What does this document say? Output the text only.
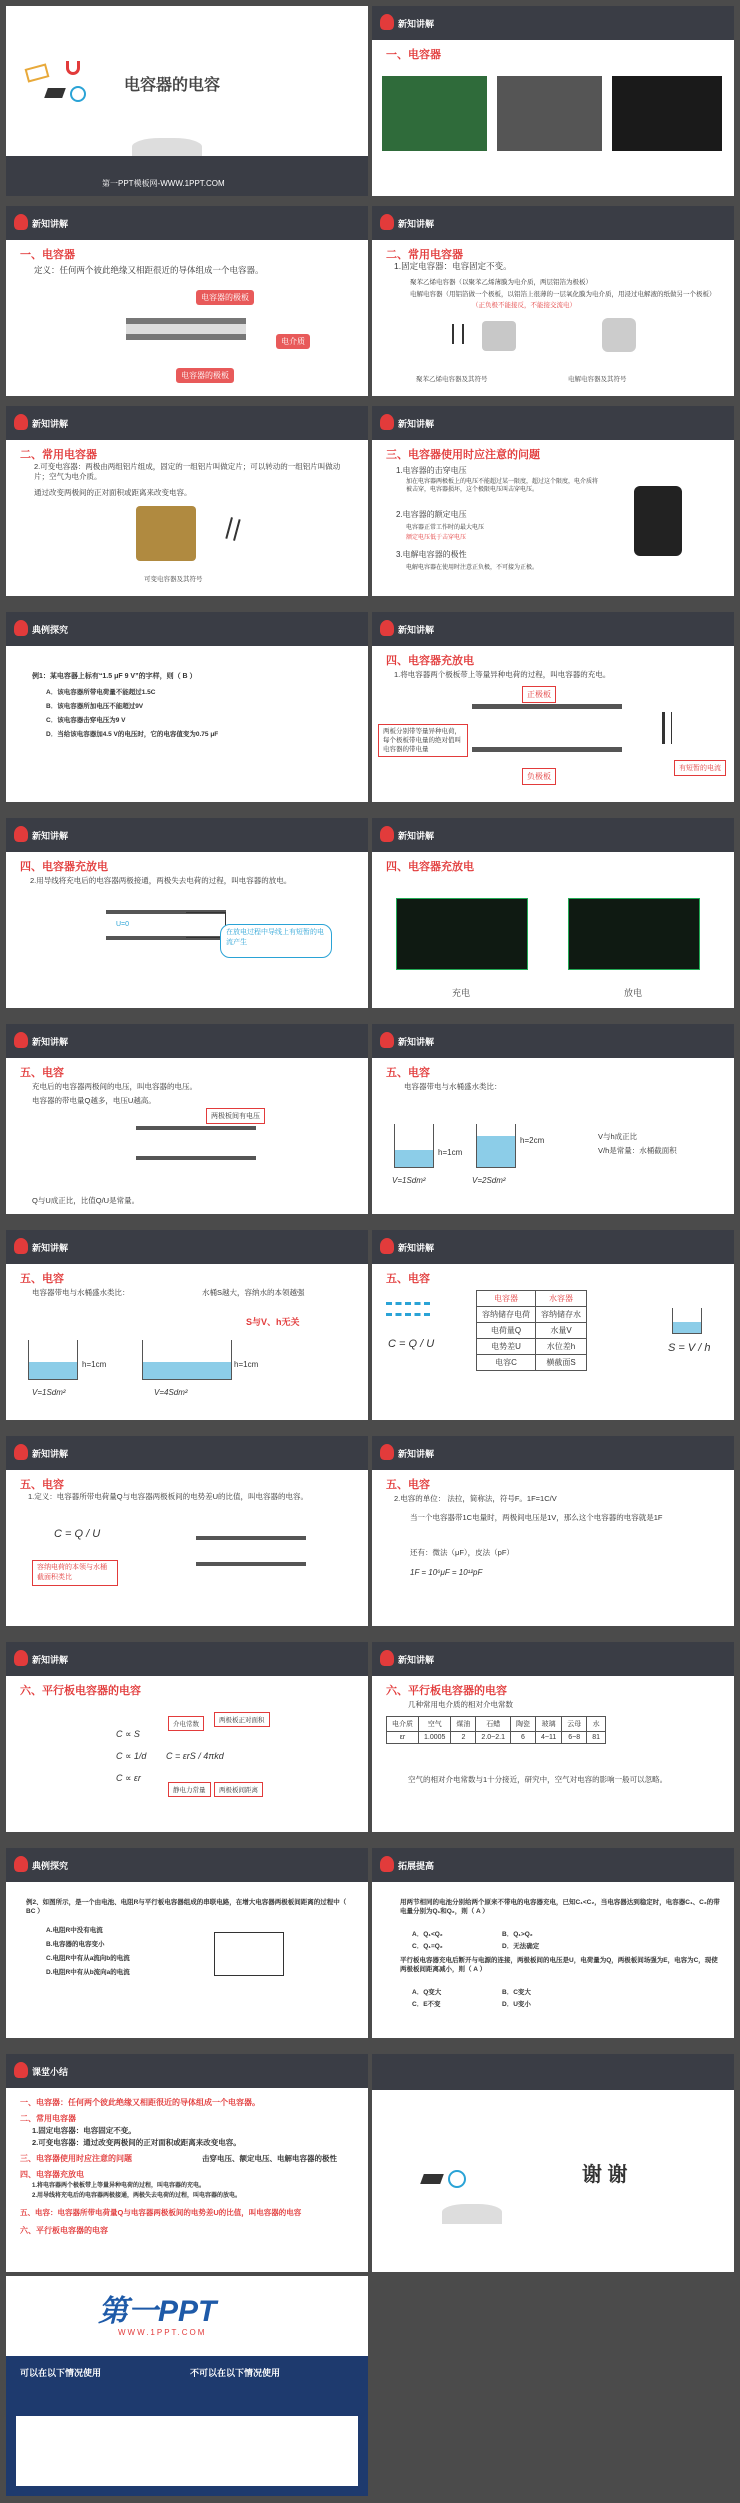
电容器的电容
第一PPT模板网-WWW.1PPT.COM
新知讲解
一、电容器
新知讲解
一、电容器
定义：任何两个彼此绝缘又相距很近的导体组成一个电容器。
电容器的极板
电介质
电容器的极板
新知讲解
二、常用电容器
1.固定电容器：电容固定不变。
聚苯乙烯电容器（以聚苯乙烯薄膜为电介质，两层铝箔为极板）
电解电容器（用铝箔做一个极板，以铝箔上很薄的一层氧化膜为电介质，用浸过电解液的纸做另一个极板）
（正负极不能接反，不能接交流电）
聚苯乙烯电容器及其符号	电解电容器及其符号
新知讲解
二、常用电容器
2.可变电容器：两极由两组铝片组成，固定的一组铝片叫做定片；可以转动的一组铝片叫做动片；空气为电介质。
通过改变两极间的正对面积或距离来改变电容。
可变电容器及其符号
新知讲解
三、电容器使用时应注意的问题
1.电容器的击穿电压
加在电容器两极板上的电压不能超过某一限度，超过这个限度，电介质将被击穿，电容器损坏，这个极限电压叫击穿电压。
2.电容器的额定电压
电容器正常工作时的最大电压
额定电压低于击穿电压
3.电解电容器的极性
电解电容器在使用时注意正负极，不可接为正极。
典例探究
例1：某电容器上标有“1.5 μF 9 V”的字样，则（ B ）
A．该电容器所带电荷量不能超过1.5C
B．该电容器所加电压不能超过9V
C．该电容器击穿电压为9 V
D．当给该电容器加4.5 V的电压时，它的电容值变为0.75 μF
新知讲解
四、电容器充放电
1.将电容器两个极板带上等量异种电荷的过程，叫电容器的充电。
正极板
负极板
有短暂的电流
两板分别带等量异种电荷，每个极板带电量的绝对值叫电容器的带电量
新知讲解
四、电容器充放电
2.用导线将充电后的电容器两极接通，两极失去电荷的过程，叫电容器的放电。
U=0
在放电过程中导线上有短暂的电流产生
新知讲解
四、电容器充放电
充电	放电
新知讲解
五、电容
充电后的电容器两极间的电压，叫电容器的电压。
电容器的带电量Q越多，电压U越高。
两极板间有电压
Q与U成正比，比值Q/U是常量。
新知讲解
五、电容
电容器带电与水桶盛水类比：
h=1cm
h=2cm
V=1Sdm²	V=2Sdm²
V与h成正比
V/h是常量：水桶截面积
新知讲解
五、电容
电容器带电与水桶盛水类比：	水桶S越大，容纳水的本领越强
S与V、h无关
h=1cm	h=1cm
V=1Sdm²	V=4Sdm²
新知讲解
五、电容
C = Q / U
电容器	水容器
容纳储存电荷	容纳储存水
电荷量Q	水量V
电势差U	水位差h
电容C	横截面S
S = V / h
新知讲解
五、电容
1.定义：电容器所带电荷量Q与电容器两极板间的电势差U的比值，叫电容器的电容。
C = Q / U
容纳电荷的本领与水桶截面积类比
新知讲解
五、电容
2.电容的单位： 法拉，简称法，符号F。1F=1C/V
当一个电容器带1C电量时，两极间电压是1V，那么这个电容器的电容就是1F
还有：微法（μF），皮法（pF）
1F = 10⁶μF = 10¹²pF
新知讲解
六、平行板电容器的电容
C ∝ S
C ∝ 1/d
C ∝ εr
C = εrS / 4πkd
介电常数
两极板正对面积
静电力常量	两极板间距离
新知讲解
六、平行板电容器的电容
几种常用电介质的相对介电常数
电介质	空气	煤油	石蜡	陶瓷	玻璃	云母	水
εr	1.0005	2	2.0~2.1	6	4~11	6~8	81
空气的相对介电常数与1十分接近，研究中，空气对电容的影响一般可以忽略。
典例探究
例2、如图所示，是一个由电池、电阻R与平行板电容器组成的串联电路，在增大电容器两极板间距离的过程中（ BC ）
A.电阻R中没有电流
B.电容器的电容变小
C.电阻R中有从a流向b的电流
D.电阻R中有从b流向a的电流
拓展提高
用两节相同的电池分别给两个原来不带电的电容器充电，已知C₁<C₂，当电容器达到稳定时，电容器C₁、C₂的带电量分别为Q₁和Q₂，则（ A ）
A．Q₁<Q₂	B．Q₁>Q₂
C．Q₁=Q₂	D．无法确定
平行板电容器充电后断开与电源的连接，两极板间的电压是U，电荷量为Q，两极板间场强为E，电容为C，现使两极板间距离减小，则（ A ）
A．Q变大	B．C变大
C．E不变	D．U变小
课堂小结
一、电容器：任何两个彼此绝缘又相距很近的导体组成一个电容器。
二、常用电容器
1.固定电容器：电容固定不变。
2.可变电容器：通过改变两极间的正对面积或距离来改变电容。
三、电容器使用时应注意的问题	击穿电压、额定电压、电解电容器的极性
四、电容器充放电
1.将电容器两个极板带上等量异种电荷的过程，叫电容器的充电。
2.用导线将充电后的电容器两极接通，两极失去电荷的过程，叫电容器的放电。
五、电容：电容器所带电荷量Q与电容器两极板间的电势差U的比值，叫电容器的电容
六、平行板电容器的电容
谢 谢
第一PPT
WWW.1PPT.COM
可以在以下情况使用	不可以在以下情况使用
